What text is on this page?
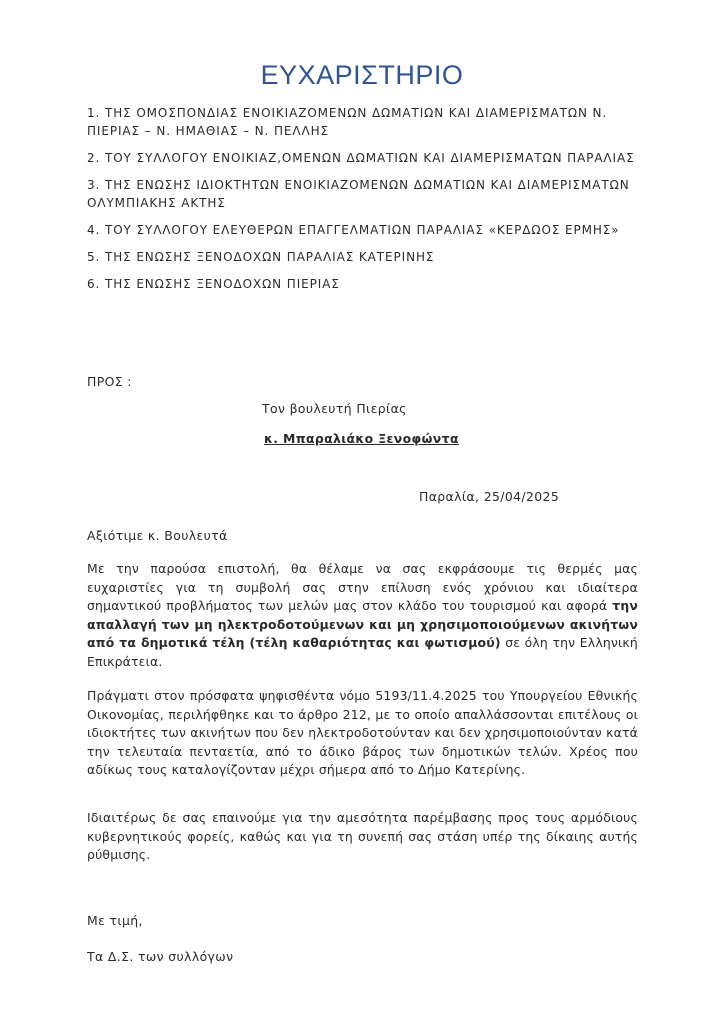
ΕΥΧΑΡΙΣΤΗΡΙΟ
1. ΤΗΣ ΟΜΟΣΠΟΝΔΙΑΣ ΕΝΟΙΚΙΑΖΟΜΕΝΩΝ ΔΩΜΑΤΙΩΝ ΚΑΙ ΔΙΑΜΕΡΙΣΜΑΤΩΝ Ν. ΠΙΕΡΙΑΣ – Ν. ΗΜΑΘΙΑΣ – Ν. ΠΕΛΛΗΣ
2. ΤΟΥ ΣΥΛΛΟΓΟΥ ΕΝΟΙΚΙΑΖ,ΟΜΕΝΩΝ ΔΩΜΑΤΙΩΝ ΚΑΙ ΔΙΑΜΕΡΙΣΜΑΤΩΝ ΠΑΡΑΛΙΑΣ
3. ΤΗΣ ΕΝΩΣΗΣ ΙΔΙΟΚΤΗΤΩΝ ΕΝΟΙΚΙΑΖΟΜΕΝΩΝ ΔΩΜΑΤΙΩΝ ΚΑΙ ΔΙΑΜΕΡΙΣΜΑΤΩΝ ΟΛΥΜΠΙΑΚΗΣ ΑΚΤΗΣ
4. ΤΟΥ ΣΥΛΛΟΓΟΥ ΕΛΕΥΘΕΡΩΝ ΕΠΑΓΓΕΛΜΑΤΙΩΝ ΠΑΡΑΛΙΑΣ «ΚΕΡΔΩΟΣ ΕΡΜΗΣ»
5. ΤΗΣ ΕΝΩΣΗΣ ΞΕΝΟΔΟΧΩΝ ΠΑΡΑΛΙΑΣ ΚΑΤΕΡΙΝΗΣ
6. ΤΗΣ ΕΝΩΣΗΣ ΞΕΝΟΔΟΧΩΝ ΠΙΕΡΙΑΣ
ΠΡΟΣ :
Τον βουλευτή Πιερίας
κ. Μπαραλιάκο Ξενοφώντα
Παραλία, 25/04/2025
Αξιότιμε κ. Βουλευτά

Με την παρούσα επιστολή, θα θέλαμε να σας εκφράσουμε τις θερμές μας ευχαριστίες για τη συμβολή σας στην επίλυση ενός χρόνιου και ιδιαίτερα σημαντικού προβλήματος των μελών μας στον κλάδο του τουρισμού και αφορά την απαλλαγή των μη ηλεκτροδοτούμενων και μη χρησιμοποιούμενων ακινήτων από τα δημοτικά τέλη (τέλη καθαριότητας και φωτισμού) σε όλη την Ελληνική Επικράτεια.

Πράγματι στον πρόσφατα ψηφισθέντα νόμο 5193/11.4.2025 του Υπουργείου Εθνικής Οικονομίας, περιλήφθηκε και το άρθρο 212, με το οποίο απαλλάσσονται επιτέλους οι ιδιοκτήτες των ακινήτων που δεν ηλεκτροδοτούνταν και δεν χρησιμοποιούνταν κατά την τελευταία πενταετία, από το άδικο βάρος των δημοτικών τελών. Χρέος που αδίκως τους καταλογίζονταν μέχρι σήμερα από το Δήμο Κατερίνης.

Ιδιαιτέρως δε σας επαινούμε για την αμεσότητα παρέμβασης προς τους αρμόδιους κυβερνητικούς φορείς, καθώς και για τη συνεπή σας στάση υπέρ της δίκαιης αυτής ρύθμισης.

Με τιμή,
Τα Δ.Σ. των συλλόγων
